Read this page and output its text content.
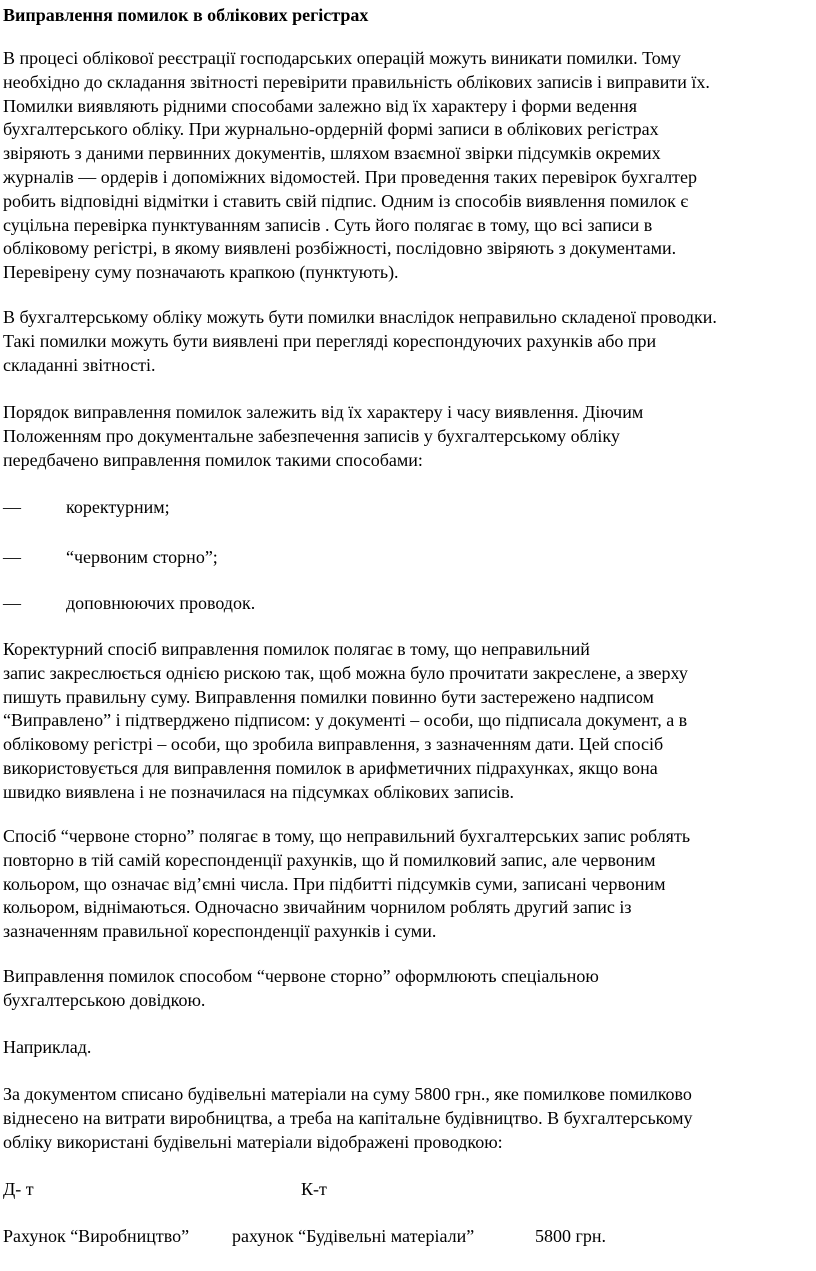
Виправлення помилок в облікових регістрах

В процесі облікової реєстрації господарських операцій можуть виникати помилки. Тому
необхідно до складання звітності перевірити правильність облікових записів і виправити їх.
Помилки виявляють рідними способами залежно від їх характеру і форми ведення
бухгалтерського обліку. При журнально-ордерній формі записи в облікових регістрах
звіряють з даними первинних документів, шляхом взаємної звірки підсумків окремих
журналів — ордерів і допоміжних відомостей. При проведення таких перевірок бухгалтер
робить відповідні відмітки і ставить свій підпис. Одним із способів виявлення помилок є
суцільна перевірка пунктуванням записів . Суть його полягає в тому, що всі записи в
обліковому регістрі, в якому виявлені розбіжності, послідовно звіряють з документами.
Перевірену суму позначають крапкою (пунктують).

В бухгалтерському обліку можуть бути помилки внаслідок неправильно складеної проводки.
Такі помилки можуть бути виявлені при перегляді кореспондуючих рахунків або при
складанні звітності.

Порядок виправлення помилок залежить від їх характеру і часу виявлення. Діючим
Положенням про документальне забезпечення записів у бухгалтерському обліку
передбачено виправлення помилок такими способами:

—	коректурним;
—	“червоним сторно”;
—	доповнюючих проводок.

Коректурний спосіб виправлення помилок полягає в тому, що неправильний
запис закреслюється однією рискою так, щоб можна було прочитати закреслене, а зверху
пишуть правильну суму. Виправлення помилки повинно бути застережено надписом
“Виправлено” і підтверджено підписом: у документі – особи, що підписала документ, а в
обліковому регістрі – особи, що зробила виправлення, з зазначенням дати. Цей спосіб
використовується для виправлення помилок в арифметичних підрахунках, якщо вона
швидко виявлена і не позначилася на підсумках облікових записів.

Спосіб “червоне сторно” полягає в тому, що неправильний бухгалтерських запис роблять
повторно в тій самій кореспонденції рахунків, що й помилковий запис, але червоним
кольором, що означає від’ємні числа. При підбитті підсумків суми, записані червоним
кольором, віднімаються. Одночасно звичайним чорнилом роблять другий запис із
зазначенням правильної кореспонденції рахунків і суми.

Виправлення помилок способом “червоне сторно” оформлюють спеціальною
бухгалтерською довідкою.

Наприклад.

За документом списано будівельні матеріали на суму 5800 грн., яке помилкове помилково
віднесено на витрати виробництва, а треба на капітальне будівництво. В бухгалтерському
обліку використані будівельні матеріали відображені проводкою:

Д- т	К-т
Рахунок “Виробництво” рахунок “Будівельні матеріали”	5800 грн.
